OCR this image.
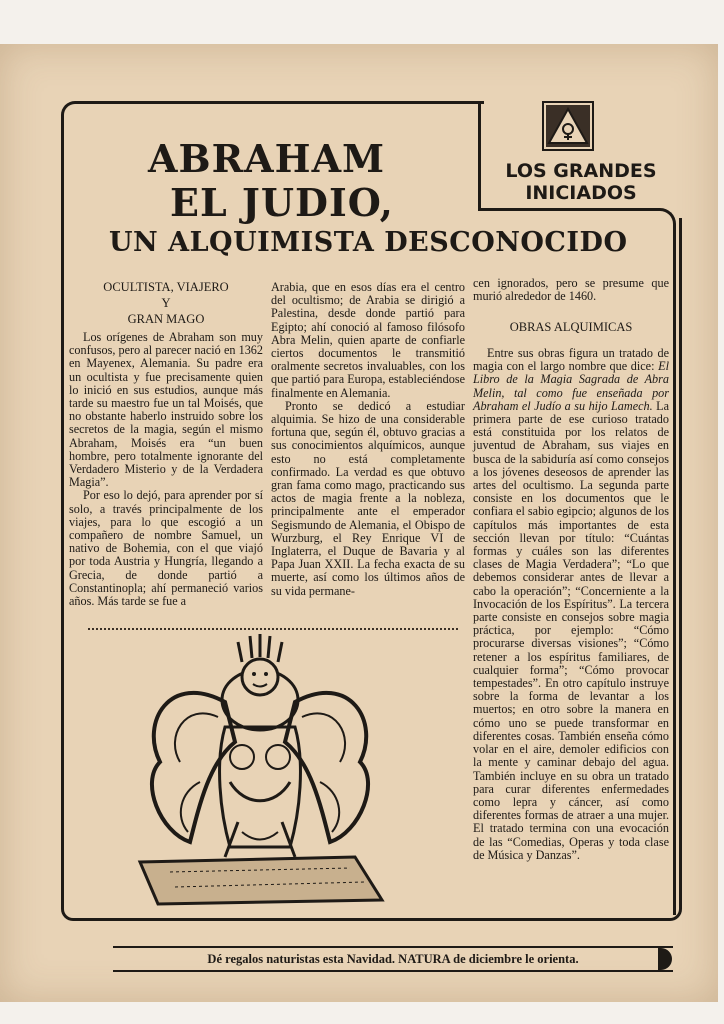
ABRAHAM
EL JUDIO,
UN ALQUIMISTA DESCONOCIDO
LOS GRANDES
INICIADOS
OCULTISTA, VIAJERO
Y
GRAN MAGO

Los orígenes de Abraham son muy confusos, pero al parecer nació en 1362 en Mayenex, Alemania. Su padre era un ocultista y fue precisamente quien lo inició en sus estudios, aunque más tarde su maestro fue un tal Moisés, que no obstante haberlo instruido sobre los secretos de la magia, según el mismo Abraham, Moisés era “un buen hombre, pero totalmente ignorante del Verdadero Misterio y de la Verdadera Magia”.

Por eso lo dejó, para aprender por sí solo, a través principalmente de los viajes, para lo que escogió a un compañero de nombre Samuel, un nativo de Bohemia, con el que viajó por toda Austria y Hungría, llegando a Grecia, de donde partió a Constantinopla; ahí permaneció varios años. Más tarde se fue a

Arabia, que en esos días era el centro del ocultismo; de Arabia se dirigió a Palestina, desde donde partió para Egipto; ahí conoció al famoso filósofo Abra Melin, quien aparte de confiarle ciertos documentos le transmitió oralmente secretos invaluables, con los que partió para Europa, estableciéndose finalmente en Alemania.

Pronto se dedicó a estudiar alquimia. Se hizo de una considerable fortuna que, según él, obtuvo gracias a sus conocimientos alquímicos, aunque esto no está completamente confirmado. La verdad es que obtuvo gran fama como mago, practicando sus actos de magia frente a la nobleza, principalmente ante el emperador Segismundo de Alemania, el Obispo de Wurzburg, el Rey Enrique VI de Inglaterra, el Duque de Bavaria y al Papa Juan XXII. La fecha exacta de su muerte, así como los últimos años de su vida permane-

cen ignorados, pero se presume que murió alrededor de 1460.

OBRAS ALQUIMICAS

Entre sus obras figura un tratado de magia con el largo nombre que dice: El Libro de la Magia Sagrada de Abra Melin, tal como fue enseñada por Abraham el Judío a su hijo Lamech. La primera parte de ese curioso tratado está constituida por los relatos de juventud de Abraham, sus viajes en busca de la sabiduría así como consejos a los jóvenes deseosos de aprender las artes del ocultismo. La segunda parte consiste en los documentos que le confiara el sabio egipcio; algunos de los capítulos más importantes de esta sección llevan por título: “Cuántas formas y cuáles son las diferentes clases de Magia Verdadera”; “Lo que debemos considerar antes de llevar a cabo la operación”; “Concerniente a la Invocación de los Espíritus”. La tercera parte consiste en consejos sobre magia práctica, por ejemplo: “Cómo procurarse diversas visiones”; “Cómo retener a los espíritus familiares, de cualquier forma”; “Cómo provocar tempestades”. En otro capítulo instruye sobre la forma de levantar a los muertos; en otro sobre la manera en cómo uno se puede transformar en diferentes cosas. También enseña cómo volar en el aire, demoler edificios con la mente y caminar debajo del agua. También incluye en su obra un tratado para curar diferentes enfermedades como lepra y cáncer, así como diferentes formas de atraer a una mujer. El tratado termina con una evocación de las “Comedias, Operas y toda clase de Música y Danzas”.

Dé regalos naturistas esta Navidad. NATURA de diciembre le orienta.
